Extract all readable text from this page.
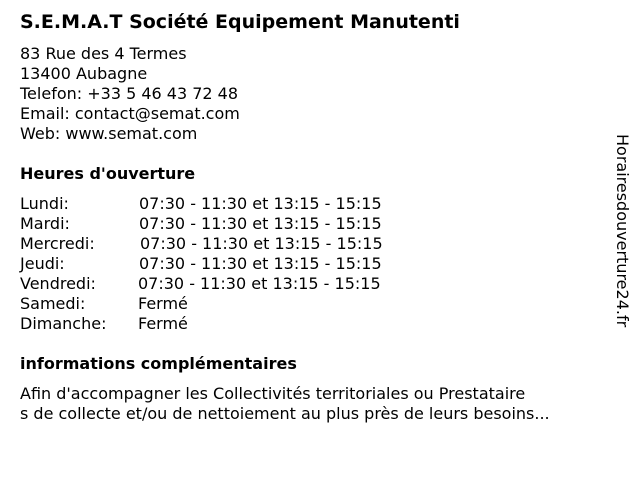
S.E.M.A.T Société Equipement Manutenti
83 Rue des 4 Termes
13400 Aubagne
Telefon: +33 5 46 43 72 48
Email: contact@semat.com
Web: www.semat.com
Heures d'ouverture
Lundi:	07:30 - 11:30 et 13:15 - 15:15
Mardi:	07:30 - 11:30 et 13:15 - 15:15
Mercredi:	07:30 - 11:30 et 13:15 - 15:15
Jeudi:	07:30 - 11:30 et 13:15 - 15:15
Vendredi:	07:30 - 11:30 et 13:15 - 15:15
Samedi:	Fermé
Dimanche: Fermé
informations complémentaires
Afin d'accompagner les Collectivités territoriales ou Prestataire
s de collecte et/ou de nettoiement au plus près de leurs besoins...
Horairesdouverture24.fr
